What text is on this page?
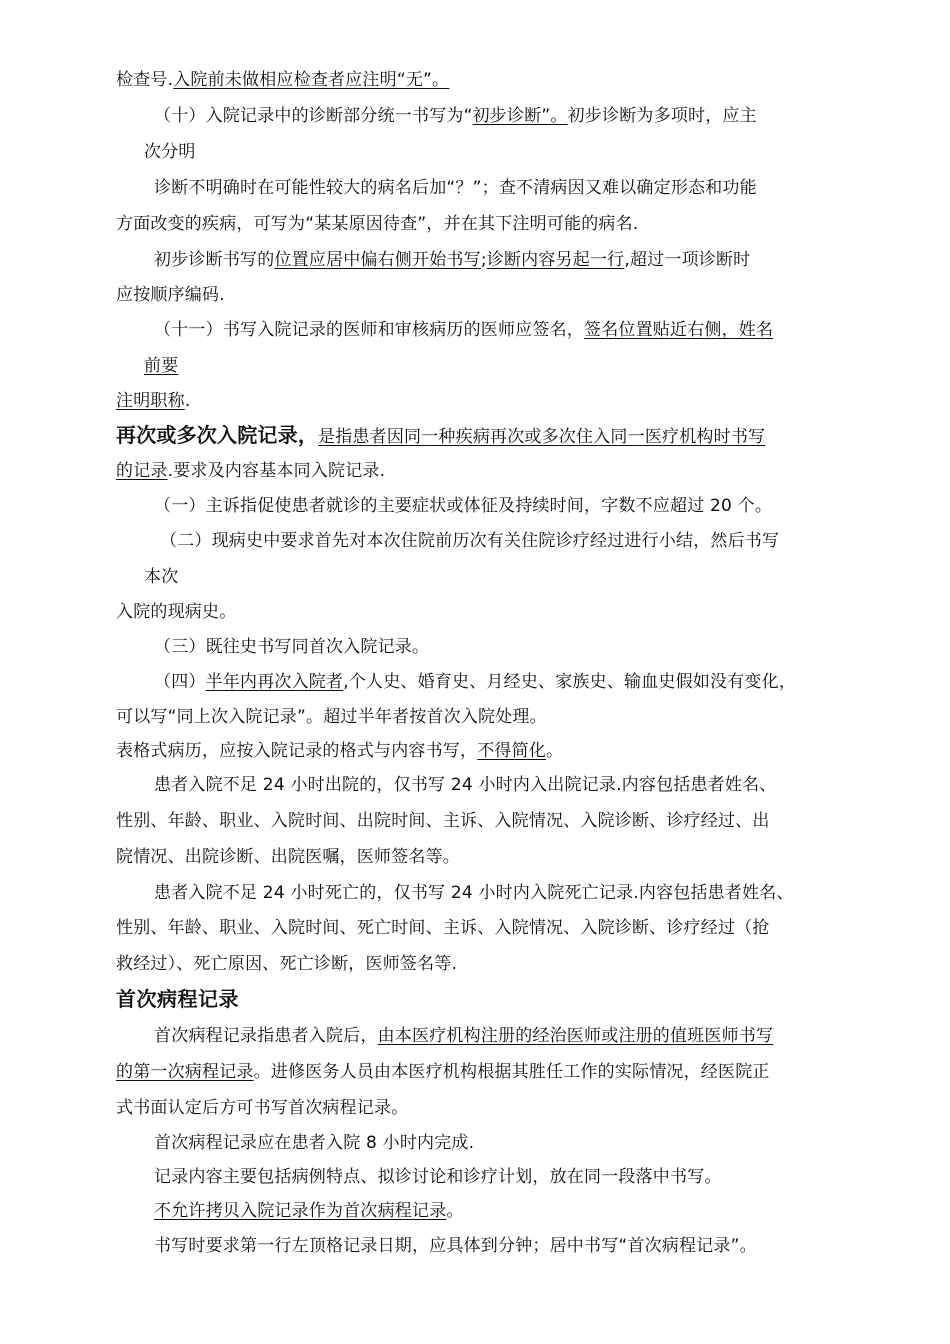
检查号.入院前未做相应检查者应注明“无”。
（十）入院记录中的诊断部分统一书写为“初步诊断”。初步诊断为多项时，应主
次分明
诊断不明确时在可能性较大的病名后加“？”；查不清病因又难以确定形态和功能
方面改变的疾病，可写为“某某原因待查”，并在其下注明可能的病名.
初步诊断书写的位置应居中偏右侧开始书写;诊断内容另起一行,超过一项诊断时
应按顺序编码.
（十一）书写入院记录的医师和审核病历的医师应签名，签名位置贴近右侧，姓名
前要
注明职称.
再次或多次入院记录，是指患者因同一种疾病再次或多次住入同一医疗机构时书写
的记录.要求及内容基本同入院记录.
（一）主诉指促使患者就诊的主要症状或体征及持续时间，字数不应超过 20 个。
（二）现病史中要求首先对本次住院前历次有关住院诊疗经过进行小结，然后书写
本次
入院的现病史。
（三）既往史书写同首次入院记录。
（四）半年内再次入院者,个人史、婚育史、月经史、家族史、输血史假如没有变化，
可以写“同上次入院记录”。超过半年者按首次入院处理。
表格式病历，应按入院记录的格式与内容书写，不得简化。
患者入院不足 24 小时出院的，仅书写 24 小时内入出院记录.内容包括患者姓名、
性别、年龄、职业、入院时间、出院时间、主诉、入院情况、入院诊断、诊疗经过、出
院情况、出院诊断、出院医嘱，医师签名等。
患者入院不足 24 小时死亡的，仅书写 24 小时内入院死亡记录.内容包括患者姓名、
性别、年龄、职业、入院时间、死亡时间、主诉、入院情况、入院诊断、诊疗经过（抢
救经过）、死亡原因、死亡诊断，医师签名等.
首次病程记录
首次病程记录指患者入院后，由本医疗机构注册的经治医师或注册的值班医师书写
的第一次病程记录。进修医务人员由本医疗机构根据其胜任工作的实际情况，经医院正
式书面认定后方可书写首次病程记录。
首次病程记录应在患者入院 8 小时内完成.
记录内容主要包括病例特点、拟诊讨论和诊疗计划，放在同一段落中书写。
不允许拷贝入院记录作为首次病程记录。
书写时要求第一行左顶格记录日期，应具体到分钟；居中书写“首次病程记录”。
